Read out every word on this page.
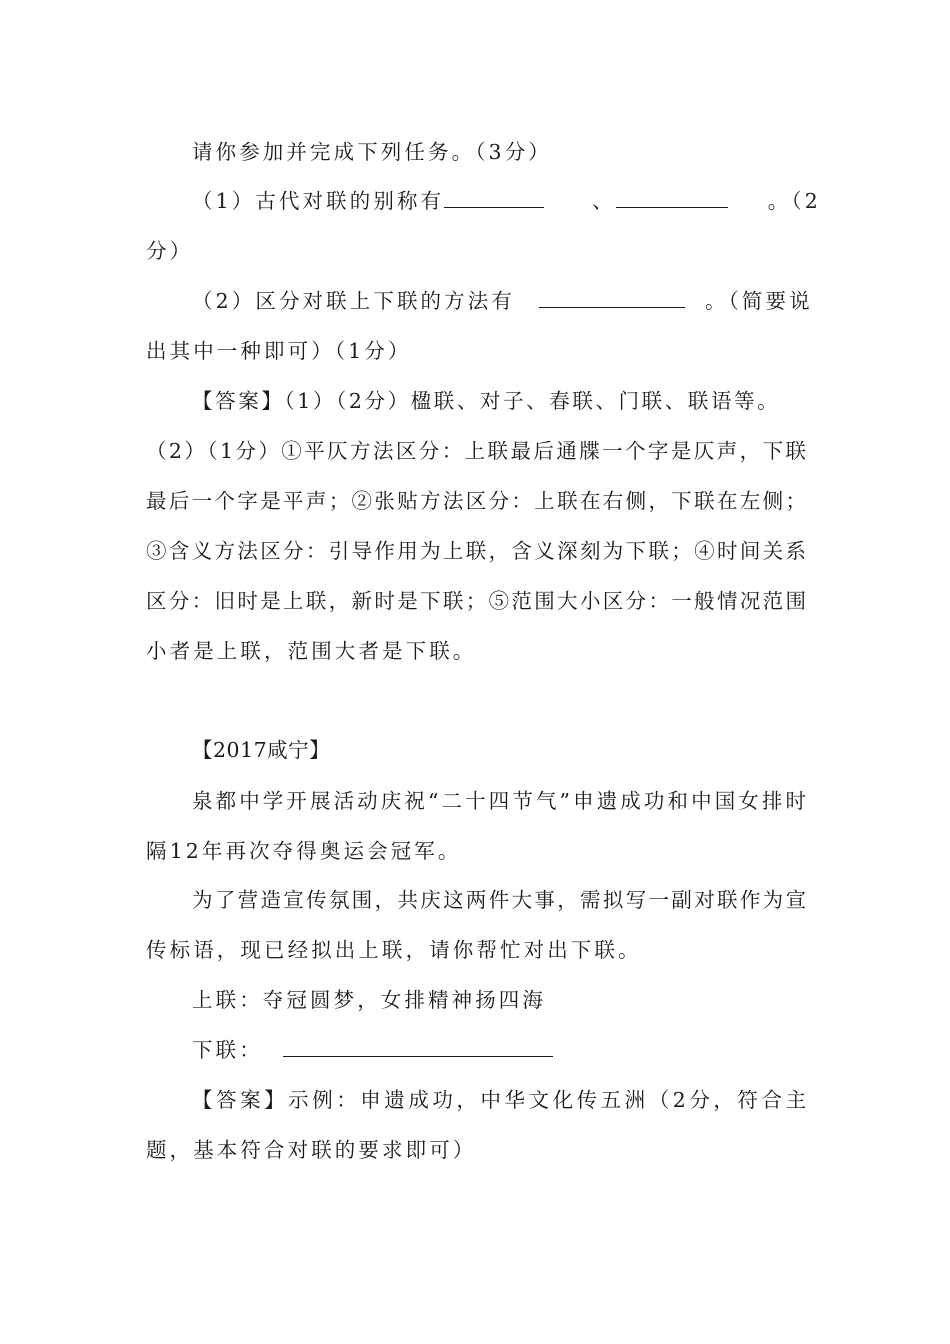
请你参加并完成下列任务。（3分）
（1）古代对联的别称有	、	。（2
分）
（2）区分对联上下联的方法有	。（简要说
出其中一种即可）（1分）
【答案】（1）（2分）楹联、对子、春联、门联、联语等。
（2）（1分）①平仄方法区分：上联最后通牒一个字是仄声，下联
最后一个字是平声；②张贴方法区分：上联在右侧，下联在左侧；
③含义方法区分：引导作用为上联，含义深刻为下联；④时间关系
区分：旧时是上联，新时是下联；⑤范围大小区分：一般情况范围
小者是上联，范围大者是下联。
【2017咸宁】
泉都中学开展活动庆祝“二十四节气”申遗成功和中国女排时
隔12年再次夺得奥运会冠军。
为了营造宣传氛围，共庆这两件大事，需拟写一副对联作为宣
传标语，现已经拟出上联，请你帮忙对出下联。
上联：夺冠圆梦，女排精神扬四海
下联：
【答案】示例：申遗成功，中华文化传五洲（2分，符合主
题，基本符合对联的要求即可）
